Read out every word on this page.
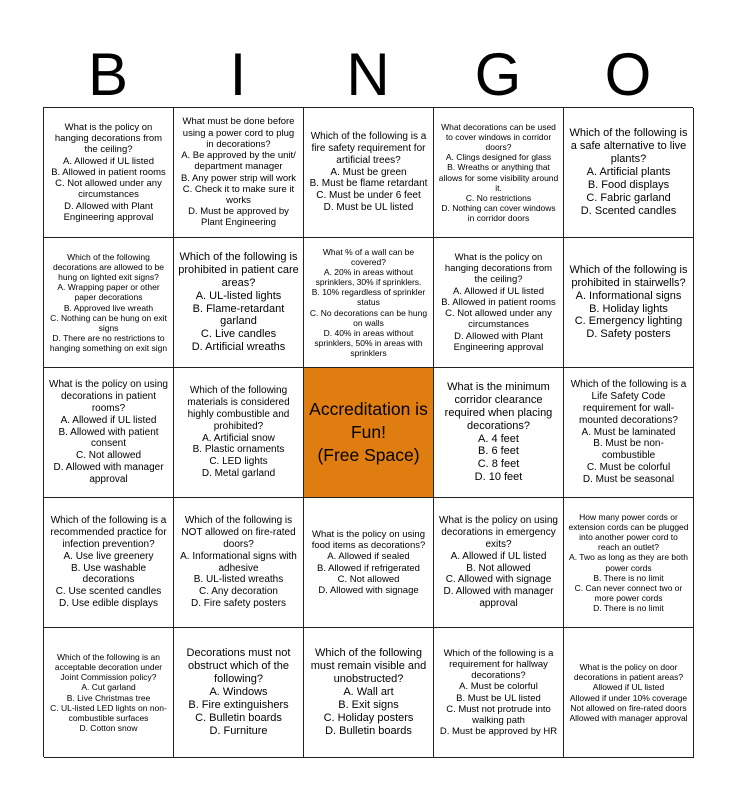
B	I	N	G	O
What is the policy on hanging decorations from the ceiling?
A. Allowed if UL listed
B. Allowed in patient rooms
C. Not allowed under any circumstances
D. Allowed with Plant Engineering approval
What must be done before using a power cord to plug in decorations?
A. Be approved by the unit/ department manager
B. Any power strip will work
C. Check it to make sure it works
D. Must be approved by Plant Engineering
Which of the following is a fire safety requirement for artificial trees?
A. Must be green
B. Must be flame retardant
C. Must be under 6 feet
D. Must be UL listed
What decorations can be used to cover windows in corridor doors?
A. Clings designed for glass
B. Wreaths or anything that allows for some visibility around it.
C. No restrictions
D. Nothing can cover windows in corridor doors
Which of the following is a safe alternative to live plants?
A. Artificial plants
B. Food displays
C. Fabric garland
D. Scented candles
Which of the following decorations are allowed to be hung on lighted exit signs?
A. Wrapping paper or other paper decorations
B. Approved live wreath
C. Nothing can be hung on exit signs
D. There are no restrictions to hanging something on exit sign
Which of the following is prohibited in patient care areas?
A. UL-listed lights
B. Flame-retardant garland
C. Live candles
D. Artificial wreaths
What % of a wall can be covered?
A. 20% in areas without sprinklers, 30% if sprinklers.
B. 10% regardless of sprinkler status
C. No decorations can be hung on walls
D. 40% in areas without sprinklers, 50% in areas with sprinklers
What is the policy on hanging decorations from the ceiling?
A. Allowed if UL listed
B. Allowed in patient rooms
C. Not allowed under any circumstances
D. Allowed with Plant Engineering approval
Which of the following is prohibited in stairwells?
A. Informational signs
B. Holiday lights
C. Emergency lighting
D. Safety posters
What is the policy on using decorations in patient rooms?
A. Allowed if UL listed
B. Allowed with patient consent
C. Not allowed
D. Allowed with manager approval
Which of the following materials is considered highly combustible and prohibited?
A. Artificial snow
B. Plastic ornaments
C. LED lights
D. Metal garland
Accreditation is Fun!
(Free Space)
What is the minimum corridor clearance required when placing decorations?
A. 4 feet
B. 6 feet
C. 8 feet
D. 10 feet
Which of the following is a Life Safety Code requirement for wall-mounted decorations?
A. Must be laminated
B. Must be non-combustible
C. Must be colorful
D. Must be seasonal
Which of the following is a recommended practice for infection prevention?
A. Use live greenery
B. Use washable decorations
C. Use scented candles
D. Use edible displays
Which of the following is NOT allowed on fire-rated doors?
A. Informational signs with adhesive
B. UL-listed wreaths
C. Any decoration
D. Fire safety posters
What is the policy on using food items as decorations?
A. Allowed if sealed
B. Allowed if refrigerated
C. Not allowed
D. Allowed with signage
What is the policy on using decorations in emergency exits?
A. Allowed if UL listed
B. Not allowed
C. Allowed with signage
D. Allowed with manager approval
How many power cords or extension cords can be plugged into another power cord to reach an outlet?
A. Two as long as they are both power cords
B. There is no limit
C. Can never connect two or more power cords
D. There is no limit
Which of the following is an acceptable decoration under Joint Commission policy?
A. Cut garland
B. Live Christmas tree
C. UL-listed LED lights on non-combustible surfaces
D. Cotton snow
Decorations must not obstruct which of the following?
A. Windows
B. Fire extinguishers
C. Bulletin boards
D. Furniture
Which of the following must remain visible and unobstructed?
A. Wall art
B. Exit signs
C. Holiday posters
D. Bulletin boards
Which of the following is a requirement for hallway decorations?
A. Must be colorful
B. Must be UL listed
C. Must not protrude into walking path
D. Must be approved by HR
What is the policy on door decorations in patient areas?
Allowed if UL listed
Allowed if under 10% coverage
Not allowed on fire-rated doors
Allowed with manager approval
